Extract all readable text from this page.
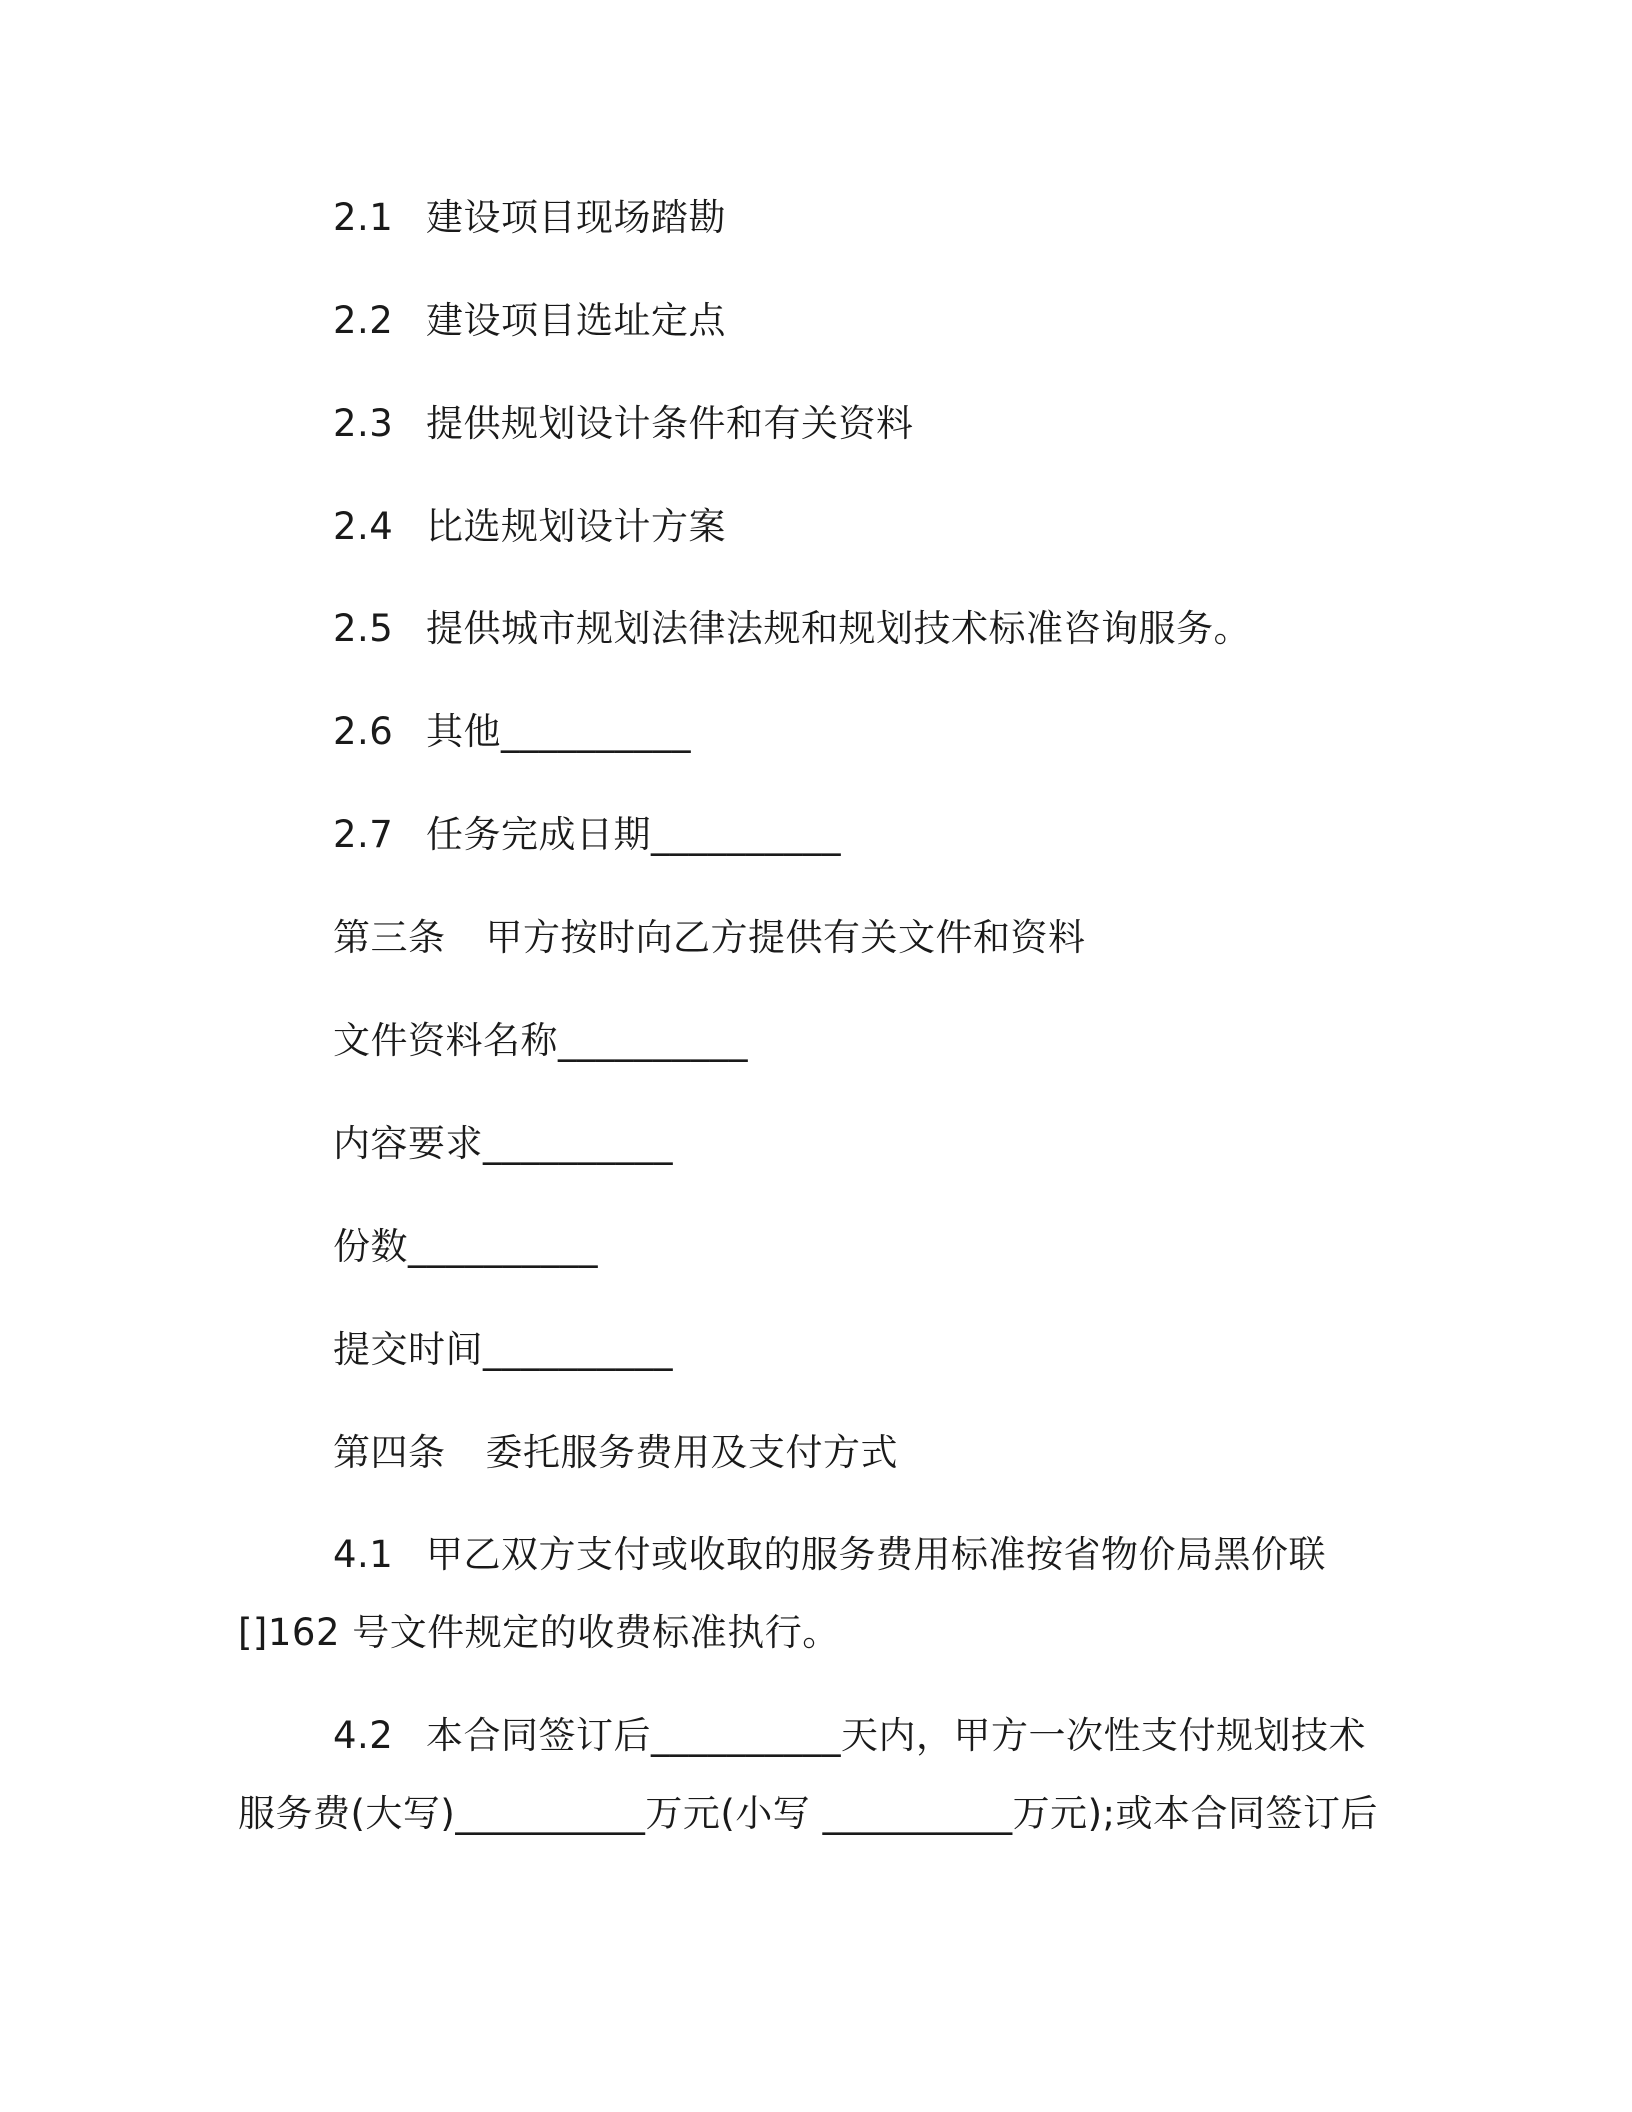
2.1 建设项目现场踏勘
2.2 建设项目选址定点
2.3 提供规划设计条件和有关资料
2.4 比选规划设计方案
2.5 提供城市规划法律法规和规划技术标准咨询服务。
2.6 其他__________
2.7 任务完成日期__________
第三条 甲方按时向乙方提供有关文件和资料
文件资料名称__________
内容要求__________
份数__________
提交时间__________
第四条 委托服务费用及支付方式
4.1 甲乙双方支付或收取的服务费用标准按省物价局黑价联
[]162 号文件规定的收费标准执行。
4.2 本合同签订后__________天内，甲方一次性支付规划技术
服务费(大写)__________万元(小写 __________万元);或本合同签订后
